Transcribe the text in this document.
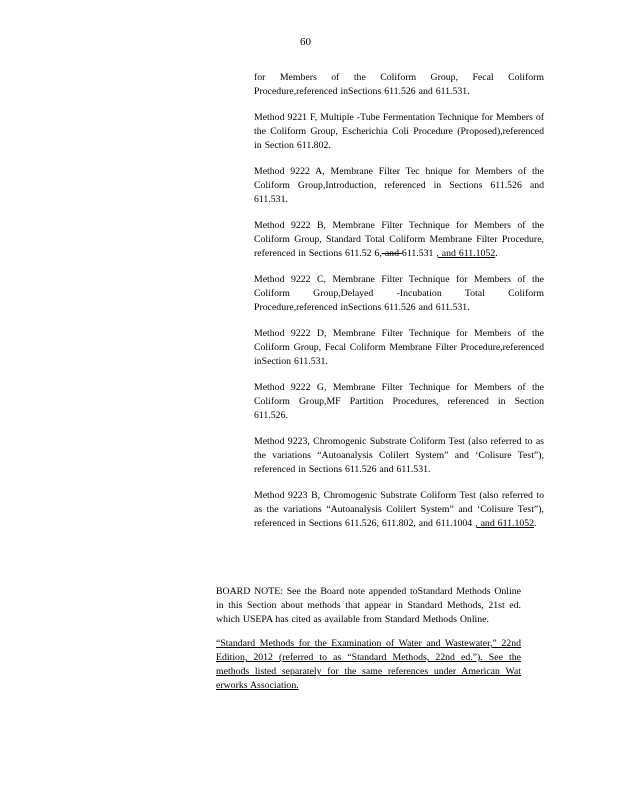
60

for Members of the Coliform Group, Fecal Coliform Procedure,referenced inSections 611.526 and 611.531.

Method 9221 F, Multiple -Tube Fermentation Technique for Members of the Coliform Group, Escherichia Coli Procedure (Proposed),referenced in Section 611.802.

Method 9222 A, Membrane Filter Tec hnique for Members of the Coliform Group,Introduction, referenced in Sections 611.526 and 611.531.

Method 9222 B, Membrane Filter Technique for Members of the Coliform Group, Standard Total Coliform Membrane Filter Procedure, referenced in Sections 611.52 6, and 611.531 , and 611.1052.

Method 9222 C, Membrane Filter Technique for Members of the Coliform Group,Delayed -Incubation Total Coliform Procedure,referenced inSections 611.526 and 611.531.

Method 9222 D, Membrane Filter Technique for Members of the Coliform Group, Fecal Coliform Membrane Filter Procedure,referenced inSection 611.531.

Method 9222 G, Membrane Filter Technique for Members of the Coliform Group,MF Partition Procedures, referenced in Section 611.526.

Method 9223, Chromogenic Substrate Coliform Test (also referred to as the variations “Autoanalysis Colilert System” and ‘Colisure Test”), referenced in Sections 611.526 and 611.531.

Method 9223 B, Chromogenic Substrate Coliform Test (also referred to as the variations “Autoanalysis Colilert System” and ‘Colisure Test”), referenced in Sections 611.526, 611.802, and 611.1004 , and 611.1052.

BOARD NOTE: See the Board note appended toStandard Methods Online in this Section about methods that appear in Standard Methods, 21st ed. which USEPA has cited as available from Standard Methods Online.

“Standard Methods for the Examination of Water and Wastewater,” 22nd Edition, 2012 (referred to as “Standard Methods, 22nd ed.”). See the methods listed separately for the same references under American Wat erworks Association.
